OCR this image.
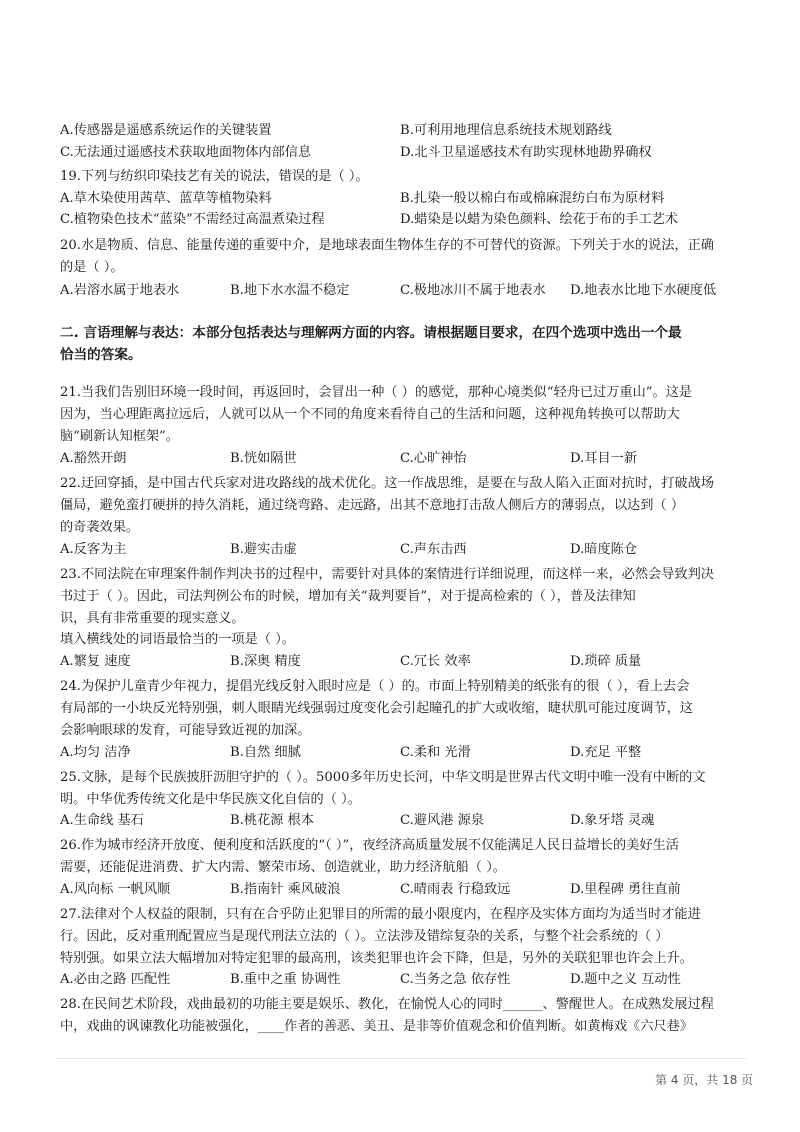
A.传感器是遥感系统运作的关键装置	B.可利用地理信息系统技术规划路线
C.无法通过遥感技术获取地面物体内部信息	D.北斗卫星遥感技术有助实现林地勘界确权
19.下列与纺织印染技艺有关的说法，错误的是（ ）。
A.草木染使用茜草、蓝草等植物染料	B.扎染一般以棉白布或棉麻混纺白布为原材料
C.植物染色技术“蓝染”不需经过高温煮染过程	D.蜡染是以蜡为染色颜料、绘花于布的手工艺术
20.水是物质、信息、能量传递的重要中介，是地球表面生物体生存的不可替代的资源。下列关于水的说法，正确
的是（ ）。
A.岩溶水属于地表水	B.地下水水温不稳定	C.极地冰川不属于地表水 D.地表水比地下水硬度低
二. 言语理解与表达：本部分包括表达与理解两方面的内容。请根据题目要求，在四个选项中选出一个最
恰当的答案。
21.当我们告别旧环境一段时间，再返回时，会冒出一种（ ）的感觉，那种心境类似“轻舟已过万重山”。这是
因为，当心理距离拉远后，人就可以从一个不同的角度来看待自己的生活和问题，这种视角转换可以帮助大
脑“刷新认知框架”。
A.豁然开朗	B.恍如隔世	C.心旷神怡	D.耳目一新
22.迂回穿插，是中国古代兵家对进攻路线的战术优化。这一作战思维，是要在与敌人陷入正面对抗时，打破战场
僵局，避免蛮打硬拼的持久消耗，通过绕弯路、走远路，出其不意地打击敌人侧后方的薄弱点，以达到（ ）
的奇袭效果。
A.反客为主	B.避实击虚	C.声东击西	D.暗度陈仓
23.不同法院在审理案件制作判决书的过程中，需要针对具体的案情进行详细说理，而这样一来，必然会导致判决
书过于（ ）。因此，司法判例公布的时候，增加有关“裁判要旨”，对于提高检索的（ ），普及法律知
识，具有非常重要的现实意义。
填入横线处的词语最恰当的一项是（ ）。
A.繁复 速度	B.深奥 精度	C.冗长 效率	D.琐碎 质量
24.为保护儿童青少年视力，提倡光线反射入眼时应是（ ）的。市面上特别精美的纸张有的很（ ），看上去会
有局部的一小块反光特别强，刺人眼睛光线强弱过度变化会引起瞳孔的扩大或收缩，睫状肌可能过度调节，这
会影响眼球的发育，可能导致近视的加深。
A.均匀 洁净	B.自然 细腻	C.柔和 光滑	D.充足 平整
25.文脉，是每个民族披肝沥胆守护的（ ）。5000多年历史长河，中华文明是世界古代文明中唯一没有中断的文
明。中华优秀传统文化是中华民族文化自信的（ ）。
A.生命线 基石	B.桃花源 根本	C.避风港 源泉	D.象牙塔 灵魂
26.作为城市经济开放度、便利度和活跃度的“（ ）”，夜经济高质量发展不仅能满足人民日益增长的美好生活
需要，还能促进消费、扩大内需、繁荣市场、创造就业，助力经济航船（ ）。
A.风向标 一帆风顺	B.指南针 乘风破浪	C.晴雨表 行稳致远	D.里程碑 勇往直前
27.法律对个人权益的限制，只有在合乎防止犯罪目的所需的最小限度内，在程序及实体方面均为适当时才能进
行。因此，反对重刑配置应当是现代刑法立法的（ ）。立法涉及错综复杂的关系，与整个社会系统的（ ）
特别强。如果立法大幅增加对特定犯罪的最高刑，该类犯罪也许会下降，但是，另外的关联犯罪也许会上升。
A.必由之路 匹配性	B.重中之重 协调性	C.当务之急 依存性	D.题中之义 互动性
28.在民间艺术阶段，戏曲最初的功能主要是娱乐、教化，在愉悦人心的同时______、警醒世人。在成熟发展过程
中，戏曲的讽谏教化功能被强化，____作者的善恶、美丑、是非等价值观念和价值判断。如黄梅戏《六尺巷》
第 4 页，共 18 页
